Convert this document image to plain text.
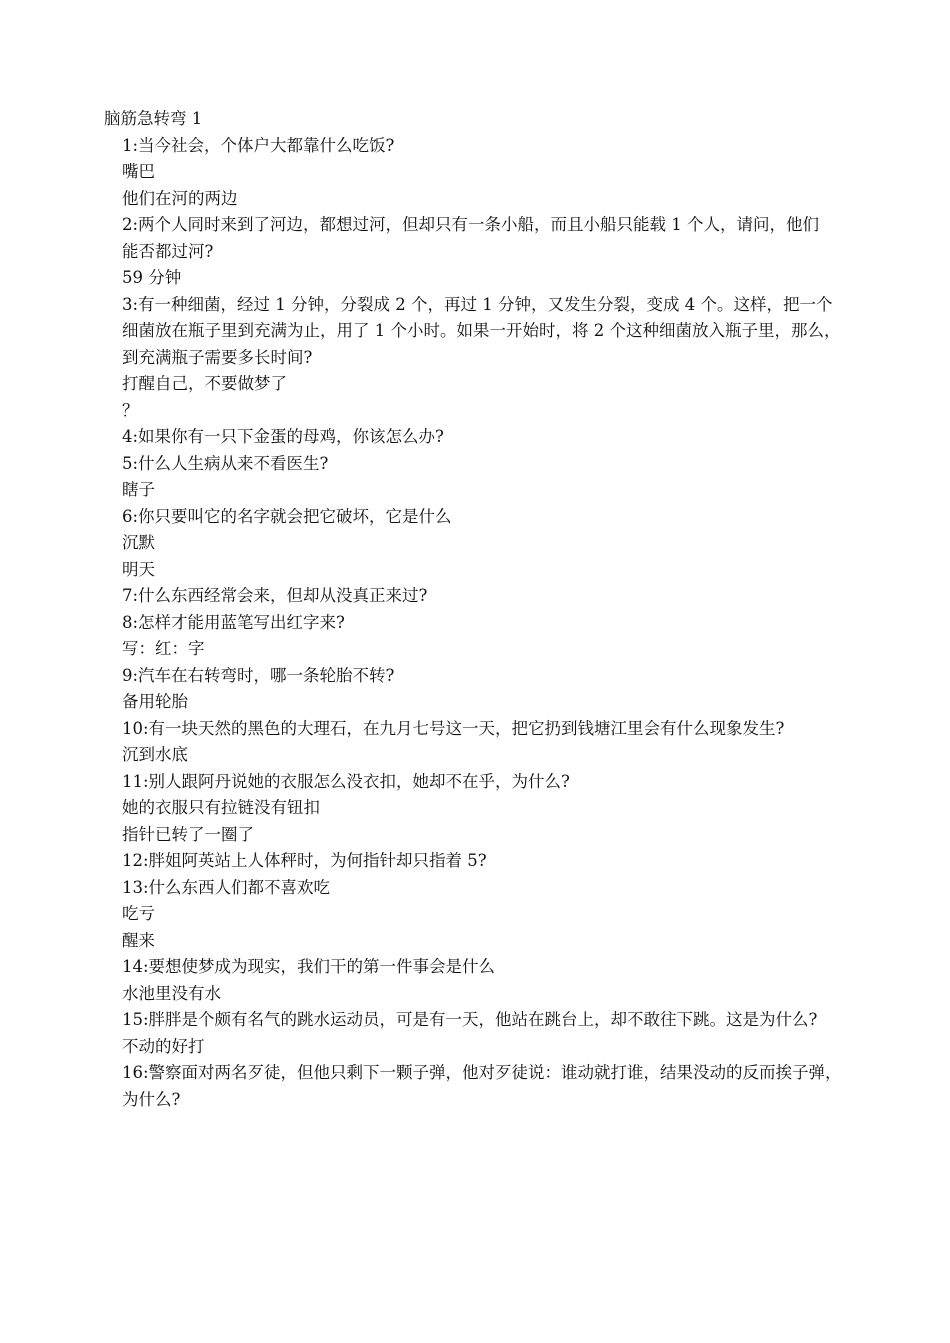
脑筋急转弯 1
1:当今社会，个体户大都靠什么吃饭?
嘴巴
他们在河的两边
2:两个人同时来到了河边，都想过河，但却只有一条小船，而且小船只能载 1 个人，请问，他们
能否都过河?
59 分钟
3:有一种细菌，经过 1 分钟，分裂成 2 个，再过 1 分钟，又发生分裂，变成 4 个。这样，把一个
细菌放在瓶子里到充满为止，用了 1 个小时。如果一开始时，将 2 个这种细菌放入瓶子里，那么，
到充满瓶子需要多长时间?
打醒自己，不要做梦了
？
4:如果你有一只下金蛋的母鸡，你该怎么办?
5:什么人生病从来不看医生?
瞎子
6:你只要叫它的名字就会把它破坏，它是什么
沉默
明天
7:什么东西经常会来，但却从没真正来过?
8:怎样才能用蓝笔写出红字来?
写：红：字
9:汽车在右转弯时，哪一条轮胎不转?
备用轮胎
10:有一块天然的黑色的大理石，在九月七号这一天，把它扔到钱塘江里会有什么现象发生?
沉到水底
11:别人跟阿丹说她的衣服怎么没衣扣，她却不在乎，为什么?
她的衣服只有拉链没有钮扣
指针已转了一圈了
12:胖姐阿英站上人体秤时，为何指针却只指着 5?
13:什么东西人们都不喜欢吃
吃亏
醒来
14:要想使梦成为现实，我们干的第一件事会是什么
水池里没有水
15:胖胖是个颇有名气的跳水运动员，可是有一天，他站在跳台上，却不敢往下跳。这是为什么?
不动的好打
16:警察面对两名歹徒，但他只剩下一颗子弹，他对歹徒说：谁动就打谁，结果没动的反而挨子弹，
为什么?
